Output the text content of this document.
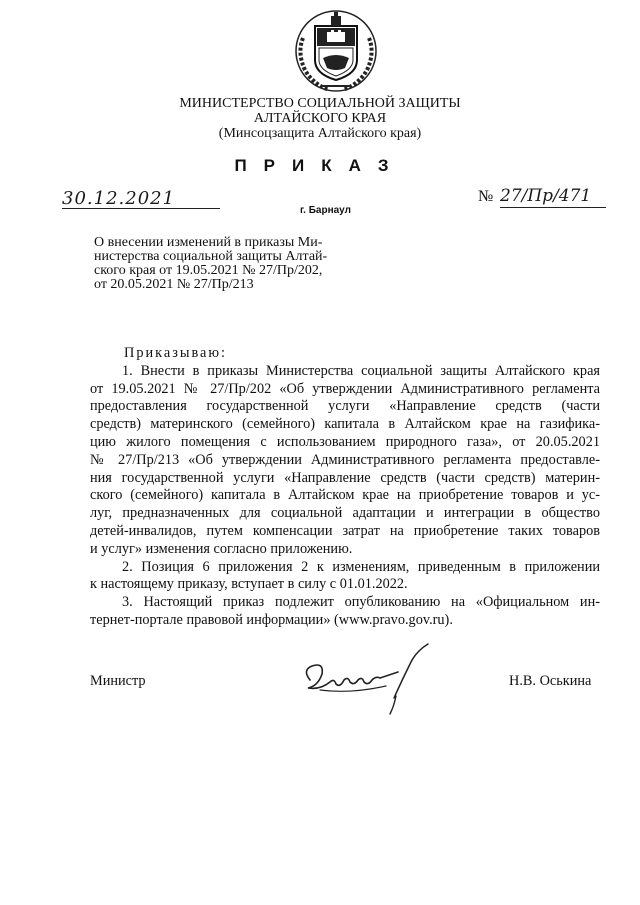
МИНИСТЕРСТВО СОЦИАЛЬНОЙ ЗАЩИТЫ
АЛТАЙСКОГО КРАЯ
(Минсоцзащита Алтайского края)
ПРИКАЗ
30.12.2021	№ 27/Пр/471
г. Барнаул
О внесении изменений в приказы Ми-
нистерства социальной защиты Алтай-
ского края от 19.05.2021 № 27/Пр/202,
от 20.05.2021 № 27/Пр/213
Приказываю:
1. Внести в приказы Министерства социальной защиты Алтайского края
от 19.05.2021 № 27/Пр/202 «Об утверждении Административного регламента
предоставления государственной услуги «Направление средств (части
средств) материнского (семейного) капитала в Алтайском крае на газифика-
цию жилого помещения с использованием природного газа», от 20.05.2021
№ 27/Пр/213 «Об утверждении Административного регламента предоставле-
ния государственной услуги «Направление средств (части средств) материн-
ского (семейного) капитала в Алтайском крае на приобретение товаров и ус-
луг, предназначенных для социальной адаптации и интеграции в общество
детей-инвалидов, путем компенсации затрат на приобретение таких товаров
и услуг» изменения согласно приложению.
2. Позиция 6 приложения 2 к изменениям, приведенным в приложении
к настоящему приказу, вступает в силу с 01.01.2022.
3. Настоящий приказ подлежит опубликованию на «Официальном ин-
тернет-портале правовой информации» (www.pravo.gov.ru).
Министр	Н.В. Оськина
